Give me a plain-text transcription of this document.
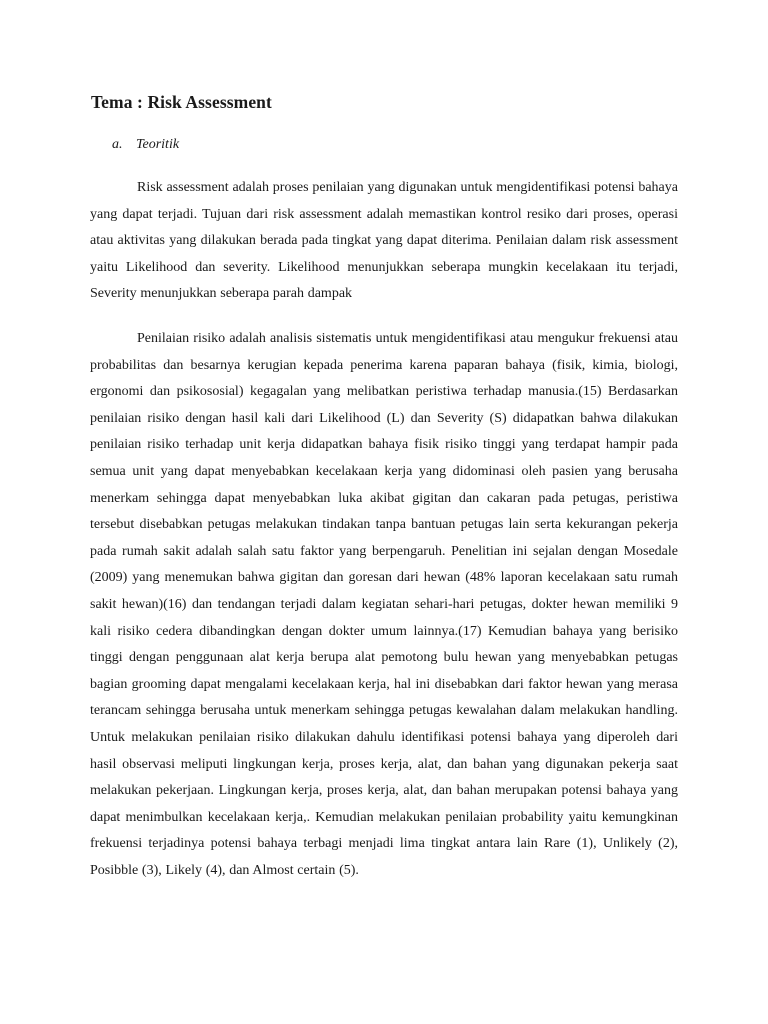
Tema : Risk Assessment
a. Teoritik

Risk assessment adalah proses penilaian yang digunakan untuk mengidentifikasi potensi bahaya yang dapat terjadi. Tujuan dari risk assessment adalah memastikan kontrol resiko dari proses, operasi atau aktivitas yang dilakukan berada pada tingkat yang dapat diterima. Penilaian dalam risk assessment yaitu Likelihood dan severity. Likelihood menunjukkan seberapa mungkin kecelakaan itu terjadi, Severity menunjukkan seberapa parah dampak

Penilaian risiko adalah analisis sistematis untuk mengidentifikasi atau mengukur frekuensi atau probabilitas dan besarnya kerugian kepada penerima karena paparan bahaya (fisik, kimia, biologi, ergonomi dan psikososial) kegagalan yang melibatkan peristiwa terhadap manusia.(15) Berdasarkan penilaian risiko dengan hasil kali dari Likelihood (L) dan Severity (S) didapatkan bahwa dilakukan penilaian risiko terhadap unit kerja didapatkan bahaya fisik risiko tinggi yang terdapat hampir pada semua unit yang dapat menyebabkan kecelakaan kerja yang didominasi oleh pasien yang berusaha menerkam sehingga dapat menyebabkan luka akibat gigitan dan cakaran pada petugas, peristiwa tersebut disebabkan petugas melakukan tindakan tanpa bantuan petugas lain serta kekurangan pekerja pada rumah sakit adalah salah satu faktor yang berpengaruh. Penelitian ini sejalan dengan Mosedale (2009) yang menemukan bahwa gigitan dan goresan dari hewan (48% laporan kecelakaan satu rumah sakit hewan)(16) dan tendangan terjadi dalam kegiatan sehari-hari petugas, dokter hewan memiliki 9 kali risiko cedera dibandingkan dengan dokter umum lainnya.(17) Kemudian bahaya yang berisiko tinggi dengan penggunaan alat kerja berupa alat pemotong bulu hewan yang menyebabkan petugas bagian grooming dapat mengalami kecelakaan kerja, hal ini disebabkan dari faktor hewan yang merasa terancam sehingga berusaha untuk menerkam sehingga petugas kewalahan dalam melakukan handling. Untuk melakukan penilaian risiko dilakukan dahulu identifikasi potensi bahaya yang diperoleh dari hasil observasi meliputi lingkungan kerja, proses kerja, alat, dan bahan yang digunakan pekerja saat melakukan pekerjaan. Lingkungan kerja, proses kerja, alat, dan bahan merupakan potensi bahaya yang dapat menimbulkan kecelakaan kerja,. Kemudian melakukan penilaian probability yaitu kemungkinan frekuensi terjadinya potensi bahaya terbagi menjadi lima tingkat antara lain Rare (1), Unlikely (2), Posibble (3), Likely (4), dan Almost certain (5).
